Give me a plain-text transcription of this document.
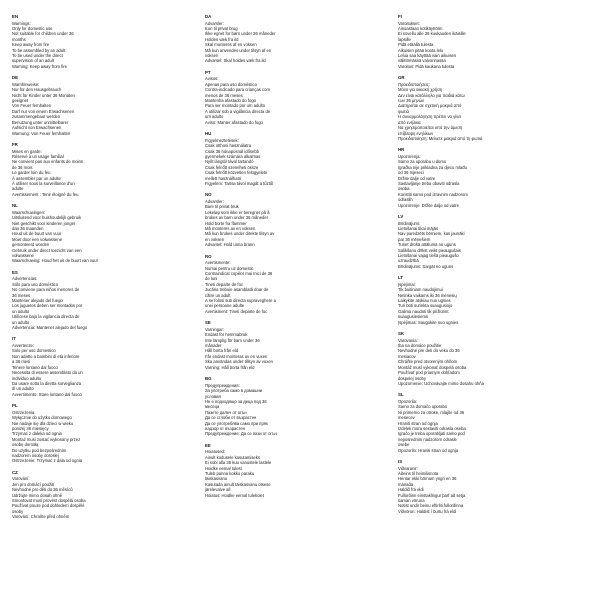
EN
Warnings:
Only for domestic use
Not suitable for children under 36
months
Keep away from fire
To be assembled by an adult
To be used under the direct
supervision of an adult
Warning: Keep away from fire
DE
Warnhinweise:
Nur für den Hausgebrauch
Nicht für Kinder unter 36 Monaten
geeignet
Von Feuer fernhalten
Darf nur von einem Erwachsenen
zusammengebaut werden
Benutzung unter unmittelbarer
Aufsicht von Erwachsenen
Warnung: Von Feuer fernhalten
FR
Mises en garde:
Réservé à un usage familial
Ne convient pas aux enfants de moins
de 36 mois
Le garder loin du feu
À assembler par un adulte
À utiliser sous la surveillance d'un
adulte
Avertissement : Tenir éloigné du feu
NL
Waarschuwingen:
Uitsluitend voor huishoudelijk gebruik
Niet geschikt voor kinderen jonger
dan 36 maanden
Houd uit de buurt van vuur
Moet door een volwassene
gemonteerd worden
Gebruik onder direct toezicht van een
volwassene
Waarschuwing: Houd het uit de buurt van vuur
ES
Advertencias:
Sólo para uso doméstico
No conviene para niños menores de
36 meses
Mantener alejado del fuego
Los juguetes deben ser montados por
un adulto
Utilícese bajo la vigilancia directa de
un adulto
Advertencia: Mantener alejado del fuego
IT
Avvertenze:
Solo per uso domestico
Non adatto a bambini di età inferiore
a 36 mesi
Tenere lontano dal fuoco
Necessita di essere assemblato da un
individuo adulto
Da usare sotto la diretta sorveglianza
di un adulto
Avvertimento: Stare lontano dal fuoco
PL
Ostrzeżenia:
Wyłącznie do użytku domowego
Nie nadaje się dla dzieci w wieku
poniżej 36 miesięcy
Trzymać z daleka od ognia
Montaż musi zostać wykonany przez
osobę dorosłą
Do użytku pod bezpośrednim
nadzorem osoby dorosłej
Ostrzeżenie: Trzymać z dala od ognia
CZ
Varování:
Jen pro domácí použití
Nevhodné pro děti do 36 měsíců
Udržujte mimo dosah ohně
Smontovat musí provést dospělá osoba
Používat pouze pod dohledem dospělé
osoby
Varování: Chraňte před ohněm
DA
Advarsler:
Kun til privat brug
Ikke egnet for børn under 36 måneder
Holdes væk fra ild
Skal monteres af en voksen
Må kun anvendes under tilsyn af en
voksen
Advarsel: Skal holdes væk fra ild
PT
Avisos:
Apenas para uso doméstico
Contra-indicado para crianças com
menos de 36 meses
Mantenha afastado do fogo
Para ser montado por um adulto
A utilizar sob a vigilância directa de
um adulto
Aviso: Manter afastado do fogo
HU
Figyelmeztetések:
Csak otthoni használatra
Csak 36 hónaposnál idősebb
gyermekek számára alkalmas
Nyílt lángtól távol tartandó
Csak felnőtt szerelheti össze
Csak felnőtt közvetlen felügyelete
mellett használható
Figyelem: Tartsa távol magát a tűztől
NO
Advarsler:
Bare til privat bruk
Lekeløp som ikke er beregnet på å
brukes av barn under 36 måneder
Hold borte fra flammer
Må monteres av en voksen
Må kun brukes under direkte tilsyn av
en voksen
Advarsel: Hold unna brann
RO
Avertismente:
Numai pentru uz domestic
Contraindicat copiilor mai mici de 36
de luni
Tineti departe de foc
Jucăria trebuie asamblată doar de
către un adult
A se folosi sub directa supraveghere a
unei persoane adulte
Avertisment: Tineti departe de foc
SE
Varningar:
Endast för hemmabruk
Inte lämplig för barn under 36
månader
Håll borta från eld
Får endast monteras av en vuxen
Ska användas under tillsyn av vuxen
Varning: Håll borta från eld
BG
Предупреждения:
За употреба само в домашни
условия
Не е подходящо за деца под 36
месеца
Пазете далеч от огън
Да се сглоби от възрастен
Да се употребява само при пряк
надзор от възрастен
Предупреждение: Да се пази от огън
EE
Hoiatused:
Ainult kodusele kasutamiseks
Ei sobi alla 36 kuu vanustele lastele
Hoidke eemal tulest
Tuleb panna kokku paraku
täiskasvanu
Kasutada ainult täiskasvanu otsese
järelevalve all
Hoiatus: Hoidke eemal tulekolet
FI
Varoitukset:
Ainoastaan kotikäyttöön
Ei sovellu alle 36 kuukauden ikäisille
lapsille
Pidä etäällä tulesta
Aikuisen pitää koota lelu
Leluа saa käyttää vain aikuisen
välittömässä valvonnassa
Varoitus: Pidä kaukana tulesta
GR
Προειδοποιήσεις:
Μόνο για οικιακή χρήση
Δεν είναι κατάλληλο για παιδιά κάτω
των 36 μηνών
Διατηρείται σε σχετική μακριά από
φωτιά
Η συναρμολόγηση πρέπει να γίνει
από ενήλικα
Να χρησιμοποιείται υπό την άμεση
επίβλεψη ενηλίκων
Προειδοποίηση: Μείνετε μακριά από τη φωτιά
HR
Upozorenja:
Samo za uporabu u domu
Igračka nije prikladna za djecu mlađu
od 36 mjeseci
Držite dalje od vatre
Sastavljanje treba obaviti odrasla
osoba
Koristiti samo pod izravnim nadzorom
odraslih
Upozorenje: Držite dalje od vatre
LV
Brīdinājumi:
Lietošanai tikai mājās
Nav paredzēts bērniem, kas jaunāki
par 36 mēnešiem
Turiet drošā attālumā no uguns
Salikšanu drīkst veikt pieaugušais
Lietošanai vajag tiešā pieaugušo
uzraudzībā
Brīdinājums: Sargāt no uguns
LT
Įspėjimai:
Tik buitiniam naudojimui
Netinka vaikams iki 36 mėnesių
Laikykite atokiau nuo ugnies
Turi būti surinkta suaugusiojo
Galima naudoti tik prižiūrint
suaugusiesiems
Įspėjimas: Saugokite nuo ugnies
SK
Varovania:
Iba na domáce použitie
Nevhodné pre deti do veku do 36
mesiacov
Chráňte pred otvoreným ohňom
Montáž musí vykonať dospelá osoba
Používať pod priamym dohľadom
dospelej osoby
Upozornenie: Uchovávajte mimo dosahu ohňa
SL
Opozorila:
Samo za domačo uporabo
Ni primerno za otroke, mlajše od 36
mesecev
Hraniti stran od ognja
Izdelek mora sestaviti odrasla oseba
Igračo je treba uporabljati samo pod
neposrednim nadzorom odrasle
osebe
Opozorilo: Hraniti stran od ognja
IS
Viðvaranir:
Aðeins til heimilisnota
Hentar ekki börnum yngri en 36
mánaða
Haldið frá eldi
Fullorðinn einstaklingur þarf að setja
saman vöruna
Notist undir beinu eftirliti fullorðinna
Viðvörun: Haldist í burtu frá eldi
